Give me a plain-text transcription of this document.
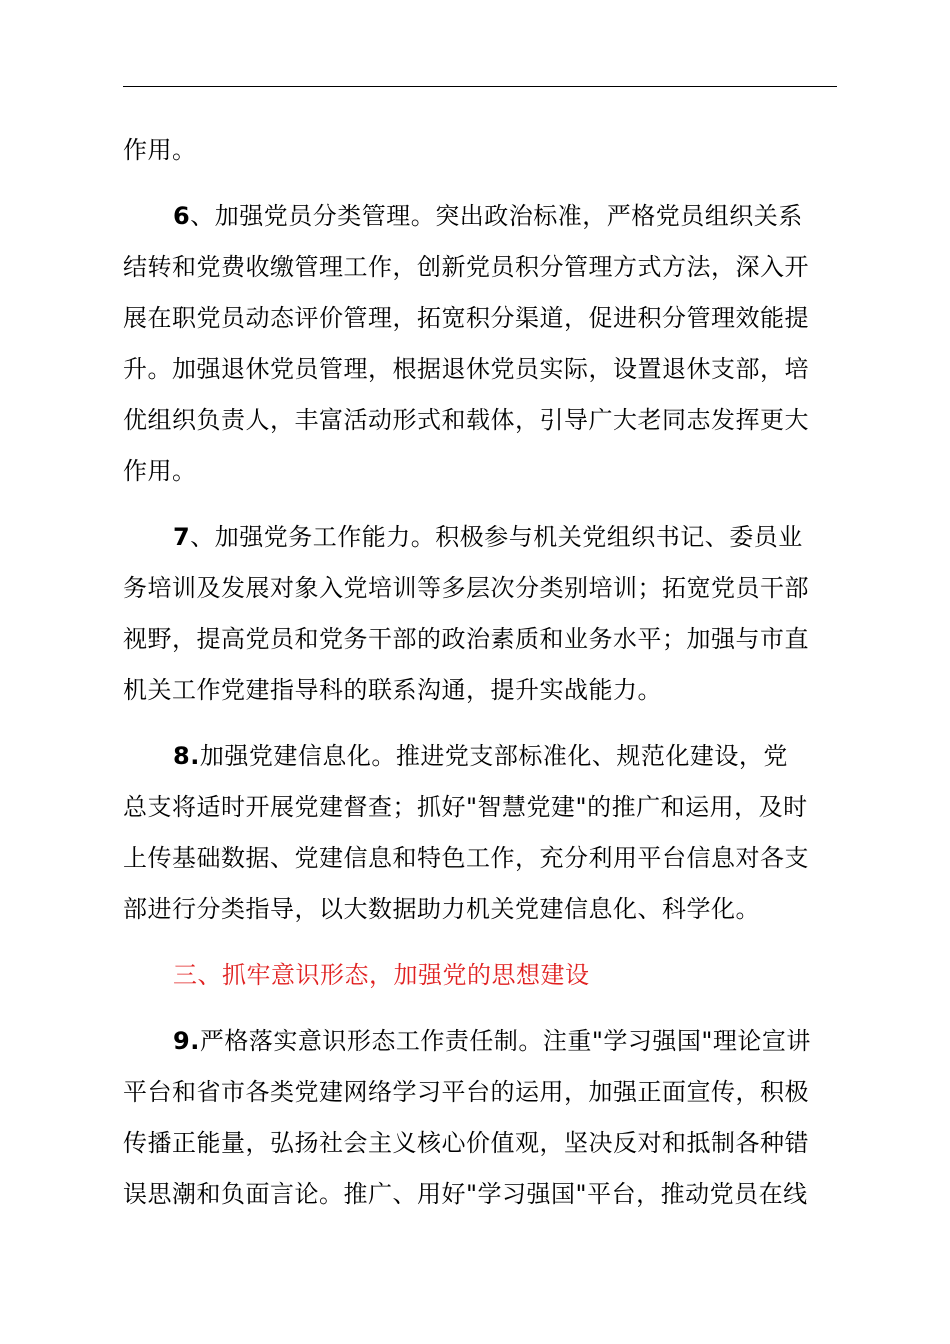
作用。
6、加强党员分类管理。突出政治标准，严格党员组织关系
结转和党费收缴管理工作，创新党员积分管理方式方法，深入开
展在职党员动态评价管理，拓宽积分渠道，促进积分管理效能提
升。加强退休党员管理，根据退休党员实际，设置退休支部，培
优组织负责人，丰富活动形式和载体，引导广大老同志发挥更大
作用。
7、加强党务工作能力。积极参与机关党组织书记、委员业
务培训及发展对象入党培训等多层次分类别培训；拓宽党员干部
视野，提高党员和党务干部的政治素质和业务水平；加强与市直
机关工作党建指导科的联系沟通，提升实战能力。
8.加强党建信息化。推进党支部标准化、规范化建设，党
总支将适时开展党建督查；抓好"智慧党建"的推广和运用，及时
上传基础数据、党建信息和特色工作，充分利用平台信息对各支
部进行分类指导，以大数据助力机关党建信息化、科学化。
三、抓牢意识形态，加强党的思想建设
9.严格落实意识形态工作责任制。注重"学习强国"理论宣讲
平台和省市各类党建网络学习平台的运用，加强正面宣传，积极
传播正能量，弘扬社会主义核心价值观，坚决反对和抵制各种错
误思潮和负面言论。推广、用好"学习强国"平台，推动党员在线
